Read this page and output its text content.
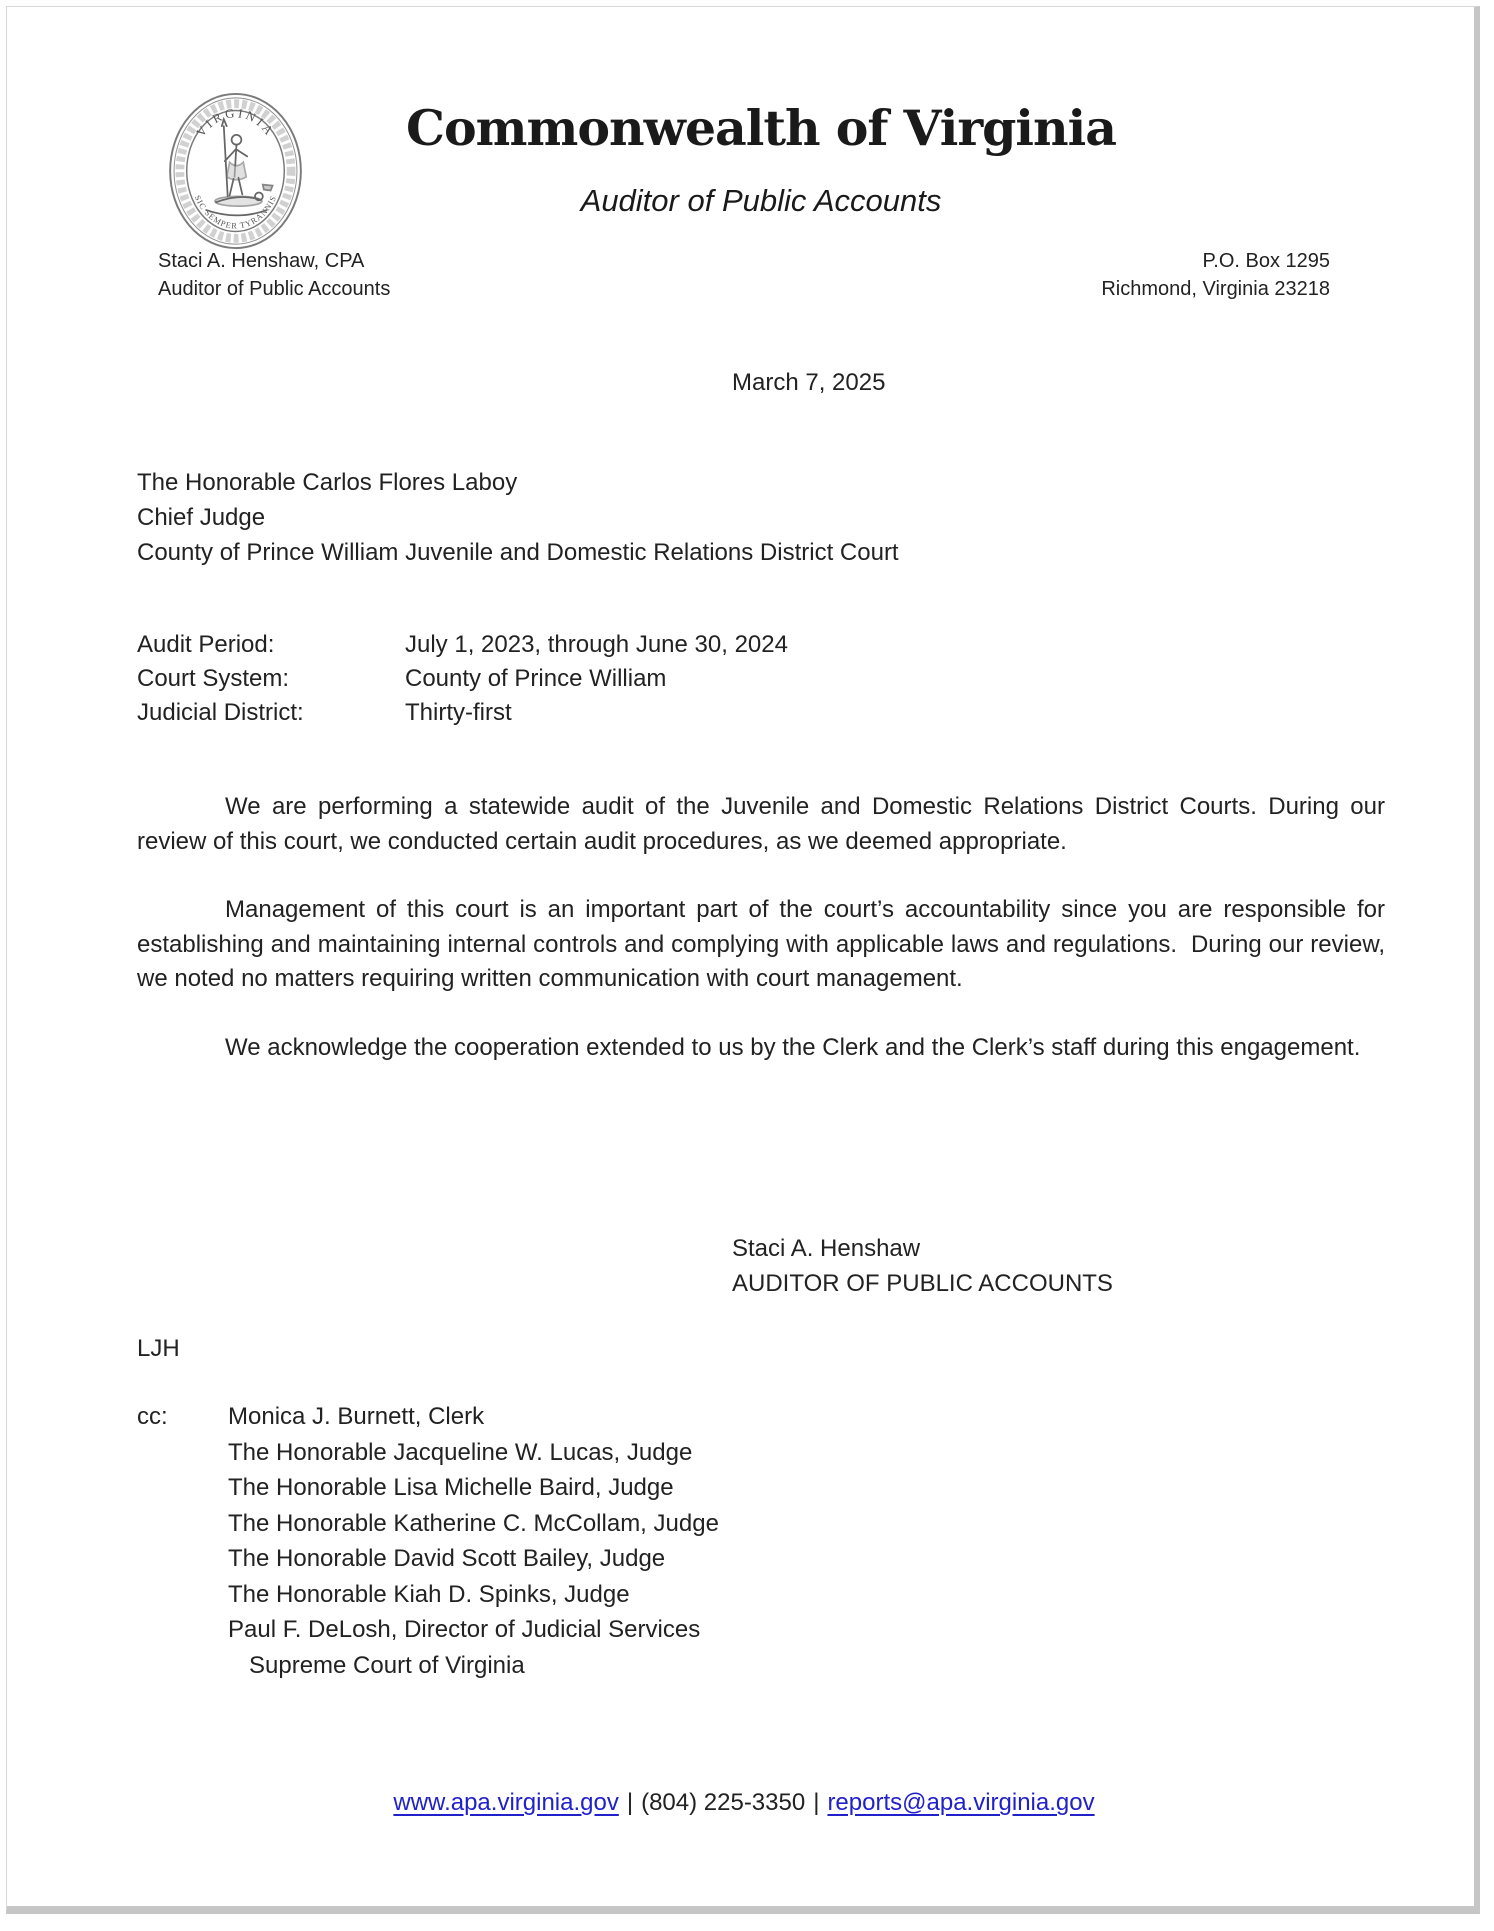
VIRGINIA
SIC SEMPER TYRANNIS
Commonwealth of Virginia
Auditor of Public Accounts
Staci A. Henshaw, CPA
Auditor of Public Accounts
P.O. Box 1295
Richmond, Virginia 23218
March 7, 2025
The Honorable Carlos Flores Laboy
Chief Judge
County of Prince William Juvenile and Domestic Relations District Court
Audit Period:	July 1, 2023, through June 30, 2024
Court System:	County of Prince William
Judicial District:	Thirty-first

We are performing a statewide audit of the Juvenile and Domestic Relations District Courts. During our review of this court, we conducted certain audit procedures, as we deemed appropriate.

Management of this court is an important part of the court’s accountability since you are responsible for establishing and maintaining internal controls and complying with applicable laws and regulations.  During our review, we noted no matters requiring written communication with court management.

We acknowledge the cooperation extended to us by the Clerk and the Clerk’s staff during this engagement.

Staci A. Henshaw
AUDITOR OF PUBLIC ACCOUNTS
LJH
cc:	Monica J. Burnett, Clerk
The Honorable Jacqueline W. Lucas, Judge
The Honorable Lisa Michelle Baird, Judge
The Honorable Katherine C. McCollam, Judge
The Honorable David Scott Bailey, Judge
The Honorable Kiah D. Spinks, Judge
Paul F. DeLosh, Director of Judicial Services
Supreme Court of Virginia
www.apa.virginia.gov | (804) 225-3350 | reports@apa.virginia.gov
